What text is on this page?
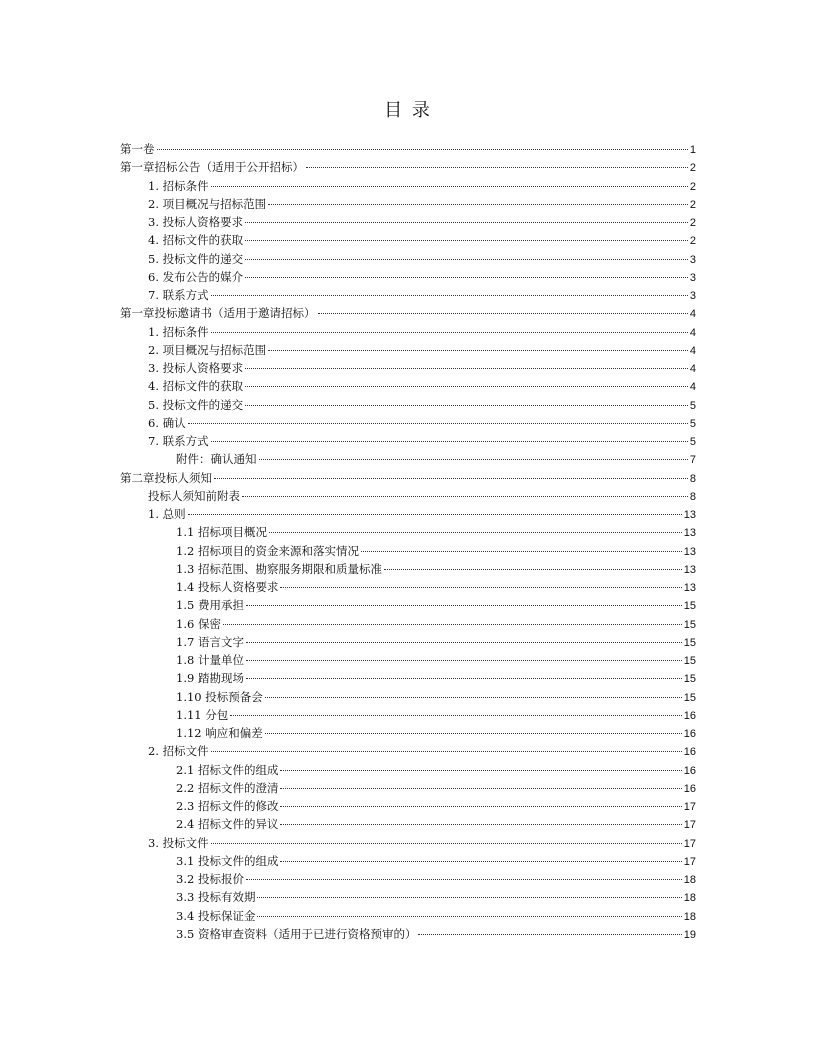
目 录
第一卷	1
第一章招标公告（适用于公开招标）	2
1. 招标条件	2
2. 项目概况与招标范围	2
3. 投标人资格要求	2
4. 招标文件的获取	2
5. 投标文件的递交	3
6. 发布公告的媒介	3
7. 联系方式	3
第一章投标邀请书（适用于邀请招标）	4
1. 招标条件	4
2. 项目概况与招标范围	4
3. 投标人资格要求	4
4. 招标文件的获取	4
5. 投标文件的递交	5
6. 确认	5
7. 联系方式	5
附件：确认通知	7
第二章投标人须知	8
投标人须知前附表	8
1. 总则	13
1.1 招标项目概况	13
1.2 招标项目的资金来源和落实情况	13
1.3 招标范围、勘察服务期限和质量标准	13
1.4 投标人资格要求	13
1.5 费用承担	15
1.6 保密	15
1.7 语言文字	15
1.8 计量单位	15
1.9 踏勘现场	15
1.10 投标预备会	15
1.11 分包	16
1.12 响应和偏差	16
2. 招标文件	16
2.1 招标文件的组成	16
2.2 招标文件的澄清	16
2.3 招标文件的修改	17
2.4 招标文件的异议	17
3. 投标文件	17
3.1 投标文件的组成	17
3.2 投标报价	18
3.3 投标有效期	18
3.4 投标保证金	18
3.5 资格审查资料（适用于已进行资格预审的）	19
